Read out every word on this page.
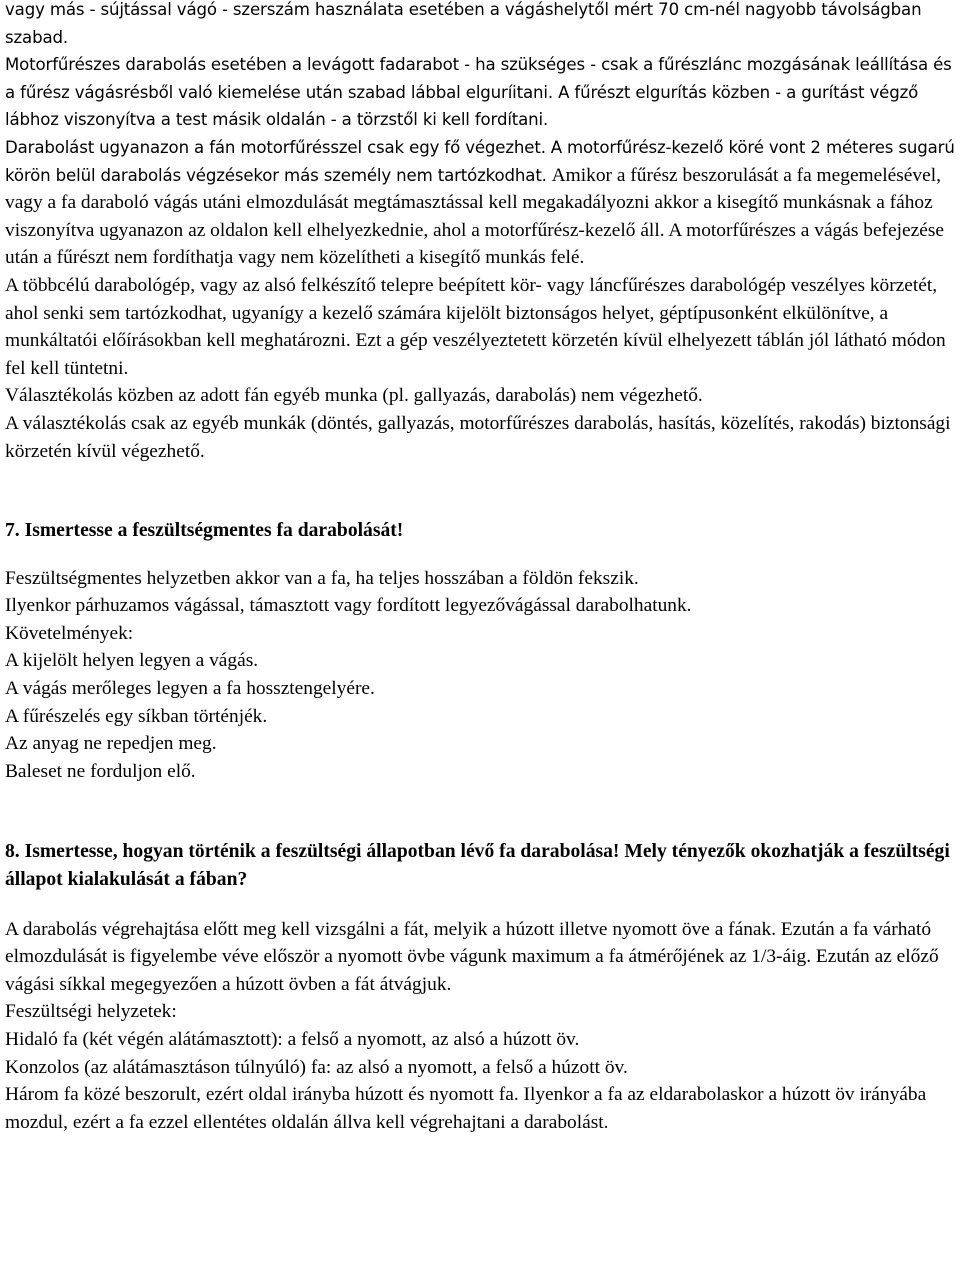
vagy más - sújtással vágó - szerszám használata esetében a vágáshelytől mért 70 cm-nél nagyobb távolságban szabad.

Motorfűrészes darabolás esetében a levágott fadarabot - ha szükséges - csak a fűrészlánc mozgásának leállítása és a fűrész vágásrésből való kiemelése után szabad lábbal elguríitani. A fűrészt elgurítás közben - a gurítást végző lábhoz viszonyítva a test másik oldalán - a törzstől ki kell fordítani.

Darabolást ugyanazon a fán motorfűrésszel csak egy fő végezhet. A motorfűrész-kezelő köré vont 2 méteres sugarú körön belül darabolás végzésekor más személy nem tartózkodhat. Amikor a fűrész beszorulását a fa megemelésével, vagy a fa daraboló vágás utáni elmozdulását megtámasztással kell megakadályozni akkor a kisegítő munkásnak a fához viszonyítva ugyanazon az oldalon kell elhelyezkednie, ahol a motorfűrész-kezelő áll. A motorfűrészes a vágás befejezése után a fűrészt nem fordíthatja vagy nem közelítheti a kisegítő munkás felé.

A többcélú darabológép, vagy az alsó felkészítő telepre beépített kör- vagy láncfűrészes darabológép veszélyes körzetét, ahol senki sem tartózkodhat, ugyanígy a kezelő számára kijelölt biztonságos helyet, géptípusonként elkülönítve, a munkáltatói előírásokban kell meghatározni. Ezt a gép veszélyeztetett körzetén kívül elhelyezett táblán jól látható módon fel kell tüntetni.

Választékolás közben az adott fán egyéb munka (pl. gallyazás, darabolás) nem végezhető.

A választékolás csak az egyéb munkák (döntés, gallyazás, motorfűrészes darabolás, hasítás, közelítés, rakodás) biztonsági körzetén kívül végezhető.

7. Ismertesse a feszültségmentes fa darabolását!

Feszültségmentes helyzetben akkor van a fa, ha teljes hosszában a földön fekszik.

Ilyenkor párhuzamos vágással, támasztott vagy fordított legyezővágással darabolhatunk.

Követelmények:

A kijelölt helyen legyen a vágás.

A vágás merőleges legyen a fa hossztengelyére.

A fűrészelés egy síkban történjék.

Az anyag ne repedjen meg.

Baleset ne forduljon elő.

8. Ismertesse, hogyan történik a feszültségi állapotban lévő fa darabolása! Mely tényezők okozhatják a feszültségi állapot kialakulását a fában?

A darabolás végrehajtása előtt meg kell vizsgálni a fát, melyik a húzott illetve nyomott öve a fának. Ezután a fa várható elmozdulását is figyelembe véve először a nyomott övbe vágunk maximum a fa átmérőjének az 1/3-áig. Ezután az előző vágási síkkal megegyezően a húzott övben a fát átvágjuk.

Feszültségi helyzetek:

Hidaló fa (két végén alátámasztott): a felső a nyomott, az alsó a húzott öv.

Konzolos (az alátámasztáson túlnyúló) fa: az alsó a nyomott, a felső a húzott öv.

Három fa közé beszorult, ezért oldal irányba húzott és nyomott fa. Ilyenkor a fa az eldarabolaskor a húzott öv irányába mozdul, ezért a fa ezzel ellentétes oldalán állva kell végrehajtani a darabolást.
